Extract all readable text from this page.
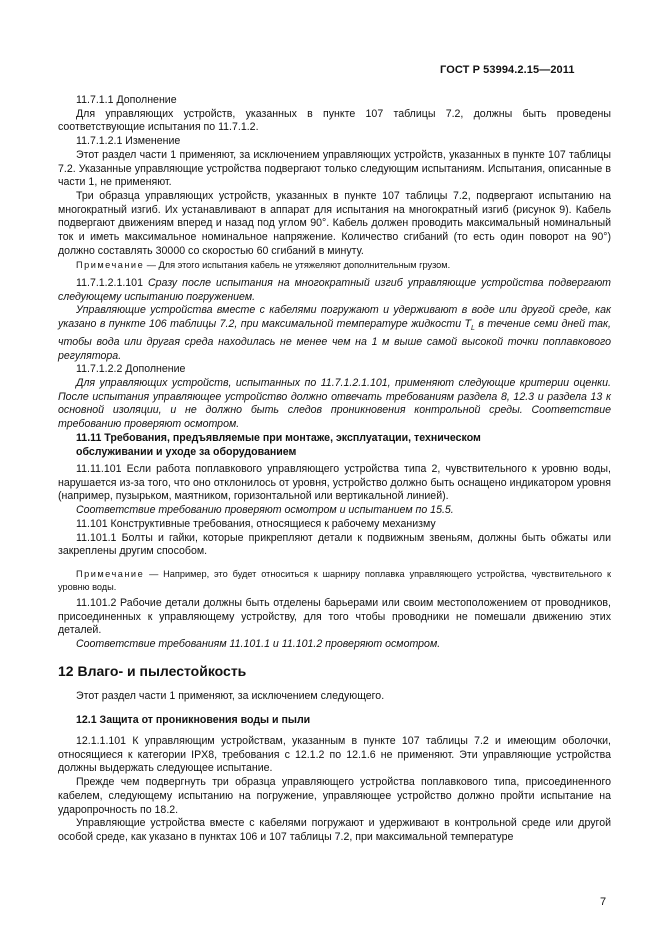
ГОСТ Р 53994.2.15—2011

11.7.1.1 Дополнение

Для управляющих устройств, указанных в пункте 107 таблицы 7.2, должны быть проведены соответствующие испытания по 11.7.1.2.

11.7.1.2.1 Изменение

Этот раздел части 1 применяют, за исключением управляющих устройств, указанных в пункте 107 таблицы 7.2. Указанные управляющие устройства подвергают только следующим испытаниям. Испытания, описанные в части 1, не применяют.

Три образца управляющих устройств, указанных в пункте 107 таблицы 7.2, подвергают испытанию на многократный изгиб. Их устанавливают в аппарат для испытания на многократный изгиб (рисунок 9). Кабель подвергают движениям вперед и назад под углом 90°. Кабель должен проводить максимальный номинальный ток и иметь максимальное номинальное напряжение. Количество сгибаний (то есть один поворот на 90°) должно составлять 30000 со скоростью 60 сгибаний в минуту.

Примечание — Для этого испытания кабель не утяжеляют дополнительным грузом.

11.7.1.2.1.101 Сразу после испытания на многократный изгиб управляющие устройства подвергают следующему испытанию погружением.

Управляющие устройства вместе с кабелями погружают и удерживают в воде или другой среде, как указано в пункте 106 таблицы 7.2, при максимальной температуре жидкости $T_L$ в течение семи дней так, чтобы вода или другая среда находилась не менее чем на 1 м выше самой высокой точки поплавкового регулятора.

11.7.1.2.2 Дополнение

Для управляющих устройств, испытанных по 11.7.1.2.1.101, применяют следующие критерии оценки. После испытания управляющее устройство должно отвечать требованиям раздела 8, 12.3 и раздела 13 к основной изоляции, и не должно быть следов проникновения контрольной среды. Соответствие требованию проверяют осмотром.

11.11 Требования, предъявляемые при монтаже, эксплуатации, техническом
обслуживании и уходе за оборудованием

11.11.101 Если работа поплавкового управляющего устройства типа 2, чувствительного к уровню воды, нарушается из-за того, что оно отклонилось от уровня, устройство должно быть оснащено индикатором уровня (например, пузырьком, маятником, горизонтальной или вертикальной линией).

Соответствие требованию проверяют осмотром и испытанием по 15.5.

11.101 Конструктивные требования, относящиеся к рабочему механизму

11.101.1 Болты и гайки, которые прикрепляют детали к подвижным звеньям, должны быть обжаты или закреплены другим способом.

Примечание — Например, это будет относиться к шарниру поплавка управляющего устройства, чувствительного к уровню воды.

11.101.2 Рабочие детали должны быть отделены барьерами или своим местоположением от проводников, присоединенных к управляющему устройству, для того чтобы проводники не помешали движению этих деталей.

Соответствие требованиям 11.101.1 и 11.101.2 проверяют осмотром.

12 Влаго- и пылестойкость

Этот раздел части 1 применяют, за исключением следующего.

12.1 Защита от проникновения воды и пыли

12.1.1.101 К управляющим устройствам, указанным в пункте 107 таблицы 7.2 и имеющим оболочки, относящиеся к категории IPX8, требования с 12.1.2 по 12.1.6 не применяют. Эти управляющие устройства должны выдержать следующее испытание.

Прежде чем подвергнуть три образца управляющего устройства поплавкового типа, присоединенного кабелем, следующему испытанию на погружение, управляющее устройство должно пройти испытание на ударопрочность по 18.2.

Управляющие устройства вместе с кабелями погружают и удерживают в контрольной среде или другой особой среде, как указано в пунктах 106 и 107 таблицы 7.2, при максимальной температуре

7
